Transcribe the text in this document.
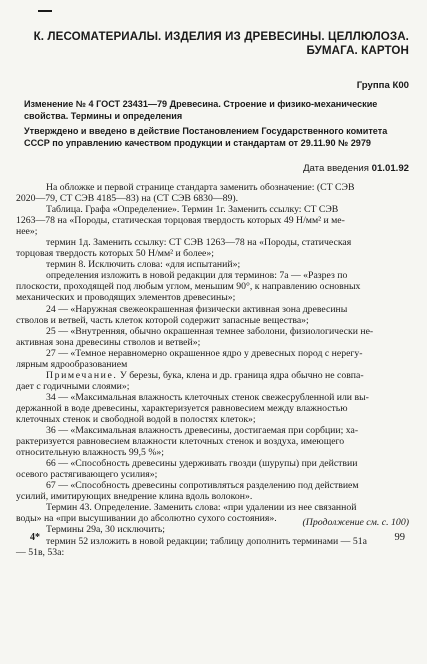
К. ЛЕСОМАТЕРИАЛЫ. ИЗДЕЛИЯ ИЗ ДРЕВЕСИНЫ. ЦЕЛЛЮЛОЗА.
БУМАГА. КАРТОН
Группа К00
Изменение № 4 ГОСТ 23431—79 Древесина. Строение и физико-механические
свойства. Термины и определения
Утверждено и введено в действие Постановлением Государственного комитета
СССР по управлению качеством продукции и стандартам от 29.11.90 № 2979
Дата введения 01.01.92
На обложке и первой странице стандарта заменить обозначение: (СТ СЭВ
2020—79, СТ СЭВ 4185—83) на (СТ СЭВ 6830—89).
Таблица. Графа «Определение». Термин 1г. Заменить ссылку: СТ СЭВ
1263—78 на «Породы, статическая торцовая твердость которых 49 Н/мм² и ме-
нее»;
термин 1д. Заменить ссылку: СТ СЭВ 1263—78 на «Породы, статическая
торцовая твердость которых 50 Н/мм² и более»;
термин 8. Исключить слова: «для испытаний»;
определения изложить в новой редакции для терминов: 7а — «Разрез по
плоскости, проходящей под любым углом, меньшим 90°, к направлению основных
механических и проводящих элементов древесины»;
24 — «Наружная свежеокрашенная физически активная зона древесины
стволов и ветвей, часть клеток которой содержит запасные вещества»;
25 — «Внутренняя, обычно окрашенная темнее заболони, физиологически не-
активная зона древесины стволов и ветвей»;
27 — «Темное неравномерно окрашенное ядро у древесных пород с нерегу-
лярным ядрообразованием
Примечание. У березы, бука, клена и др. граница ядра обычно не совпа-
дает с годичными слоями»;
34 — «Максимальная влажность клеточных стенок свежесрубленной или вы-
держанной в воде древесины, характеризуется равновесием между влажностью
клеточных стенок и свободной водой в полостях клеток»;
36 — «Максимальная влажность древесины, достигаемая при сорбции; ха-
рактеризуется равновесием влажности клеточных стенок и воздуха, имеющего
относительную влажность 99,5 %»;
66 — «Способность древесины удерживать гвозди (шурупы) при действии
осевого растягивающего усилия»;
67 — «Способность древесины сопротивляться разделению под действием
усилий, имитирующих внедрение клина вдоль волокон».
Термин 43. Определение. Заменить слова: «при удалении из нее связанной
воды» на «при высушивании до абсолютно сухого состояния».
Термины 29а, 30 исключить;
термин 52 изложить в новой редакции; таблицу дополнить терминами — 51а
— 51в, 53а:
(Продолжение см. с. 100)
4*	99
